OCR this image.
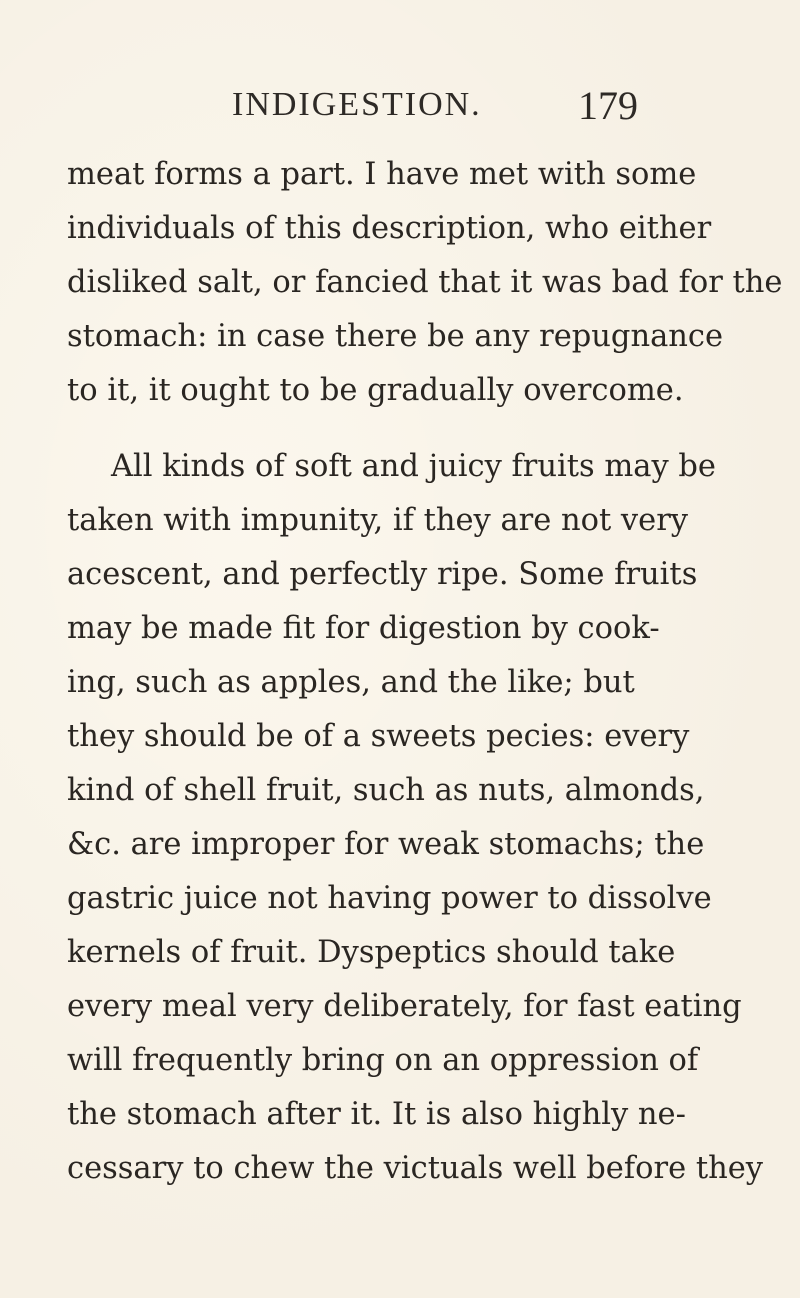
INDIGESTION. 179
meat forms a part. I have met with some
individuals of this description, who either
disliked salt, or fancied that it was bad for the
stomach: in case there be any repugnance
to it, it ought to be gradually overcome.
All kinds of soft and juicy fruits may be
taken with impunity, if they are not very
acescent, and perfectly ripe. Some fruits
may be made fit for digestion by cook-
ing, such as apples, and the like; but
they should be of a sweets pecies: every
kind of shell fruit, such as nuts, almonds,
&c. are improper for weak stomachs; the
gastric juice not having power to dissolve
kernels of fruit. Dyspeptics should take
every meal very deliberately, for fast eating
will frequently bring on an oppression of
the stomach after it. It is also highly ne-
cessary to chew the victuals well before they
